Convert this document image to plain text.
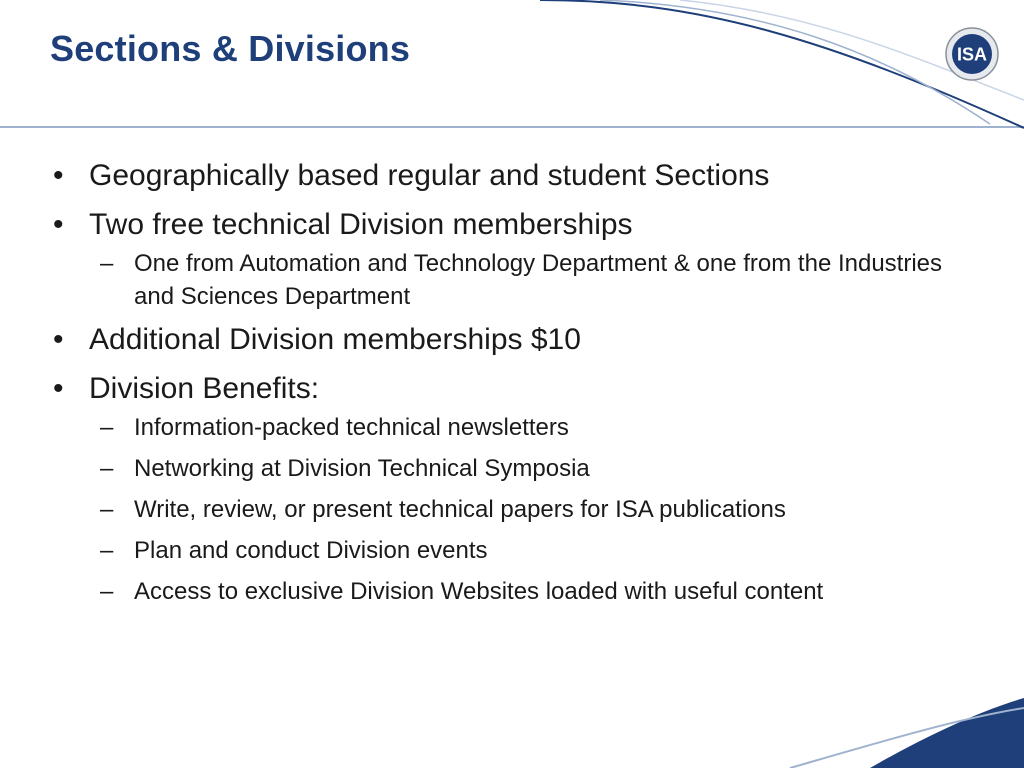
ISA
Sections & Divisions
• Geographically based regular and student Sections
• Two free technical Division memberships
– One from Automation and Technology Department & one from the Industries and Sciences Department
• Additional Division memberships $10
• Division Benefits:
– Information-packed technical newsletters
– Networking at Division Technical Symposia
– Write, review, or present technical papers for ISA publications
– Plan and conduct Division events
– Access to exclusive Division Websites loaded with useful content
